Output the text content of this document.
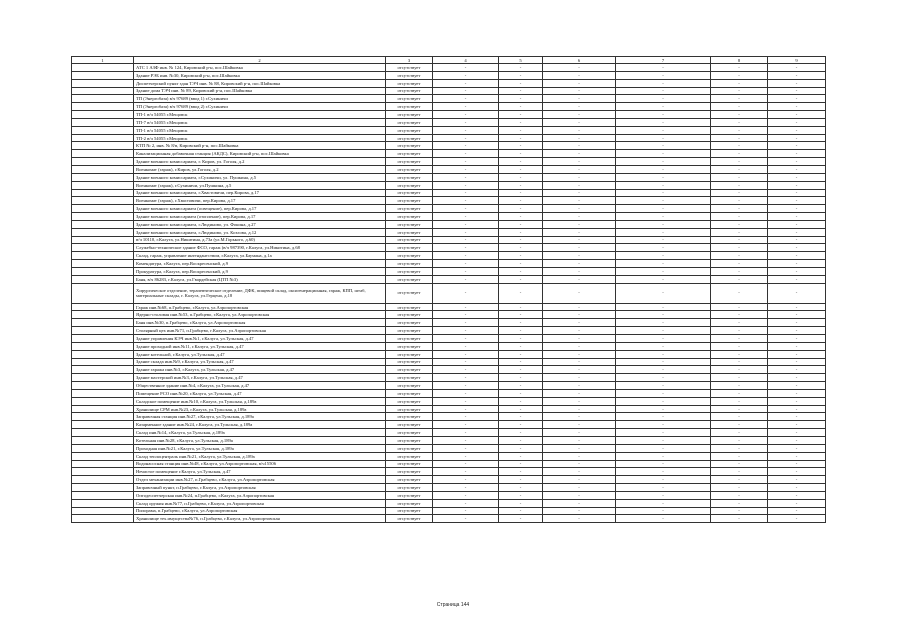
1	2	3	4	5	6	7	8	9
	АТС 1 АЗФ инв. № 124, Кировский р-н, пос.Шайковка	отсутствует	-	-	-	-	-	-
	Здание РЭБ инв. №30, Кировский р-н, пос.Шайковка	отсутствует	-	-	-	-	-	-
	Диспетчерский пункт здан ТЭЧ инв. № 88, Кировский р-н, пос.Шайковка	отсутствует	-	-	-	-	-	-
	Здание дома ТЭЧ инв. № 89, Кировский р-н, пос.Шайковка	отсутствует	-	-	-	-	-	-
	ТП (Энергобаза) в/ч 97689 (ввод 1) г.Сухиничи	отсутствует	-	-	-	-	-	-
	ТП (Энергобаза) в/ч 97689 (ввод 2) г.Сухиничи	отсутствует	-	-	-	-	-	-
	ТП-1 в/ч 54055 г.Мещовск	отсутствует	-	-	-	-	-	-
	ТП-7 в/ч 54055 г.Мещовск	отсутствует	-	-	-	-	-	-
	ТП-1 в/ч 54055 г.Мещовск	отсутствует	-	-	-	-	-	-
	ТП-2 в/ч 54055 г.Мещовск	отсутствует	-	-	-	-	-	-
	КТП № 2, инв. № 8/в, Кировский р-н, пос.Шайковка	отсутствует	-	-	-	-	-	-
	Канализационная добавочная станция (АКДС), Кировский р-н, пос.Шайковка	отсутствует	-	-	-	-	-	-
	Здание военного комиссариата, г. Киров, ул. Гоголя, д.2	отсутствует	-	-	-	-	-	-
	Военкомат (гараж), г.Киров, ул.Гоголя, д.2	отсутствует	-	-	-	-	-	-
	Здание военного комиссариата, г.Сухиничи, ул. Пушкина, д.5	отсутствует	-	-	-	-	-	-
	Военкомат (гараж), г.Сухиничи, ул.Пушкина, д.5	отсутствует	-	-	-	-	-	-
	Здание военного комиссариата, г.Хвастовичи, пер.Кирова, д.17	отсутствует	-	-	-	-	-	-
	Военкомат (гараж), г.Хвастовичи, пер.Кирова, д.17	отсутствует	-	-	-	-	-	-
	Здание военного комиссариата (освещение), пер.Кирова, д.17	отсутствует	-	-	-	-	-	-
	Здание военного комиссариата (отопление), пер.Кирова, д.17	отсутствует	-	-	-	-	-	-
	Здание военного комиссариата, г.Людиново, ул. Фокина, д.27	отсутствует	-	-	-	-	-	-
	Здание военного комиссариата, г.Людиново, ул. Козлова, д.12	отсутствует	-	-	-	-	-	-
	в/ч 10110, г.Калуга, ул.Никитина, д.73а (ул.М.Горького, д.60)	отсутствует	-	-	-	-	-	-
	Служебно-техническое здание ФСО, гараж (в/ч 987390, г.Калуга, ул.Никитина, д.68	отсутствует	-	-	-	-	-	-
	Склад, гараж, управление интендантством, г.Калуга, ул.Баумана, д.1а	отсутствует	-	-	-	-	-	-
	Комендатура, г.Калуга, пер.Воскресенский, д.9	отсутствует	-	-	-	-	-	-
	Прокуратура, г.Калуга, пер.Воскресенский, д.9	отсутствует	-	-	-	-	-	-
	Баня, в/ч 86283, г.Калуга, ул.Гвардейская (ЦТП №3)	отсутствует	-	-	-	-	-	-
	Хирургическое отделение, терапевтическое отделение, ДФК, пищевой склад, оксигенерационная, гараж, КПП, штаб, материальные склады, г. Калуга, ул.Герцена, д.18	отсутствует	-	-	-	-	-	-
	Гараж инв.№68, п.Грабцево, г.Калуга, ул.Аэропортовская	отсутствует	-	-	-	-	-	-
	Ядерно-столовая инв.№53, п.Грабцево, г.Калуга, ул.Аэропортовская	отсутствует	-	-	-	-	-	-
	Баня инв.№30, п.Грабцево, г.Калуга, ул.Аэропортовская	отсутствует	-	-	-	-	-	-
	Столярный цех инв.№71, п.Грабцево, г.Калуга, ул.Аэропортовская	отсутствует	-	-	-	-	-	-
	Здание управления КЭЧ инв.№1, г.Калуга, ул.Тульская, д.47	отсутствует	-	-	-	-	-	-
	Здание проходной инв.№11, г.Калуга, ул.Тульская, д.47	отсутствует	-	-	-	-	-	-
	Здание котельной, г.Калуга, ул.Тульская, д.47	отсутствует	-	-	-	-	-	-
	Здание склада инв.№9, г.Калуга, ул.Тульская, д.47	отсутствует	-	-	-	-	-	-
	Здание гаража инв.№3, г.Калуга, ул.Тульская, д.47	отсутствует	-	-	-	-	-	-
	Здание мастерской инв.№3, г.Калуга, ул.Тульская, д.47	отсутствует	-	-	-	-	-	-
	Общественное здание инв.№4, г.Калуга, ул.Тульская, д.47	отсутствует	-	-	-	-	-	-
	Помещение РСО инв.№20, г.Калуга, ул.Тульская, д.47	отсутствует	-	-	-	-	-	-
	Складское помещение инв.№10, г.Калуга, ул.Тульская, д.189а	отсутствует	-	-	-	-	-	-
	Хранилище СРМ инв.№23, г.Калуга, ул.Тульская, д.189а	отсутствует	-	-	-	-	-	-
	Заправочная станция инв.№27, г.Калуга, ул.Тульская, д.189а	отсутствует	-	-	-	-	-	-
	Казарменное здание инв.№24, г.Калуга, ул.Тульская, д.189а	отсутствует	-	-	-	-	-	-
	Склад инв.№14, г.Калуга, ул.Тульская, д.189а	отсутствует	-	-	-	-	-	-
	Котельная инв.№28, г.Калуга, ул.Тульская, д.189а	отсутствует	-	-	-	-	-	-
	Проходная инв.№21, г.Калуга, ул.Тульская, д.189а	отсутствует	-	-	-	-	-	-
	Склад теплоцентраль инв.№21, г.Калуга, ул.Тульская, д.189а	отсутствует	-	-	-	-	-	-
	Водонасосная станция инв.№48, г.Калуга, ул.Аэропортовская, в/ч15506	отсутствует	-	-	-	-	-	-
	Нечистое помещение г.Калуга, ул.Тульская, д.47	отсутствует	-	-	-	-	-	-
	Отдел механизации инв.№27, п.Грабцево, г.Калуга, ул.Аэропортовская	отсутствует	-	-	-	-	-	-
	Заправочный пункт, п.Грабцево, г.Калуга, ул.Аэропортовская	отсутствует	-	-	-	-	-	-
	Оптодеспетчерская инв.№24, п.Грабцево, г.Калуга, ул.Аэропортовская	отсутствует	-	-	-	-	-	-
	Склад оружия инв.№77, п.Грабцево, г.Калуга, ул.Аэропортовская	отсутствует	-	-	-	-	-	-
	Пилорама, п.Грабцево, г.Калуга, ул.Аэропортовская	отсутствует	-	-	-	-	-	-
	Хранилище тех.имущества№76, п.Грабцево, г.Калуга, ул.Аэропортовская	отсутствует	-	-	-	-	-	-
Страница 144
